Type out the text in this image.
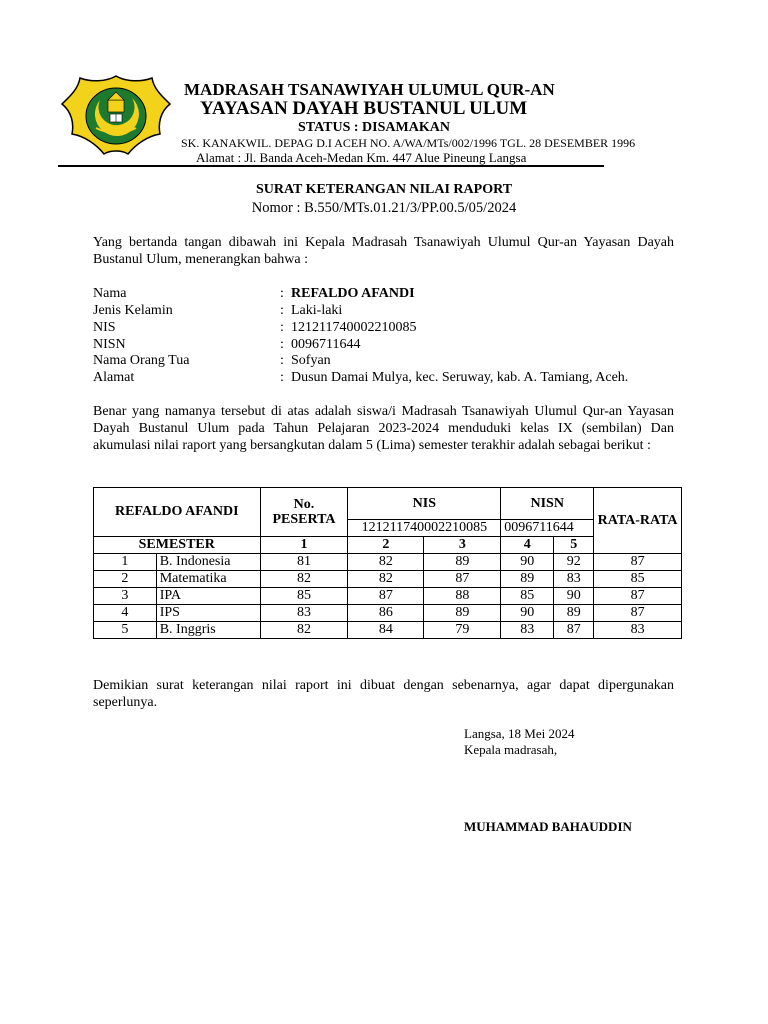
MADRASAH TSANAWIYAH ULUMUL QUR-AN
YAYASAN DAYAH BUSTANUL ULUM
STATUS : DISAMAKAN
SK. KANAKWIL. DEPAG D.I ACEH NO. A/WA/MTs/002/1996 TGL. 28 DESEMBER 1996
Alamat : Jl. Banda Aceh-Medan Km. 447 Alue Pineung Langsa
SURAT KETERANGAN NILAI RAPORT
Nomor : B.550/MTs.01.21/3/PP.00.5/05/2024
Yang bertanda tangan dibawah ini Kepala Madrasah Tsanawiyah Ulumul Qur-an Yayasan Dayah Bustanul Ulum, menerangkan bahwa :
Nama	: REFALDO AFANDI
Jenis Kelamin	: Laki-laki
NIS	: 121211740002210085
NISN	: 0096711644
Nama Orang Tua	: Sofyan
Alamat	: Dusun Damai Mulya, kec. Seruway, kab. A. Tamiang, Aceh.
Benar yang namanya tersebut di atas adalah siswa/i Madrasah Tsanawiyah Ulumul Qur-an Yayasan Dayah Bustanul Ulum pada Tahun Pelajaran 2023-2024 menduduki kelas IX (sembilan) Dan akumulasi nilai raport yang bersangkutan dalam 5 (Lima) semester terakhir adalah sebagai berikut :
REFALDO AFANDI		No. PESERTA	NIS		NISN		RATA-RATA
			121211740002210085		0096711644		
SEMESTER		1	2	3	4	5	
1	B. Indonesia	81	82	89	90	92	87
2	Matematika	82	82	87	89	83	85
3	IPA	85	87	88	85	90	87
4	IPS	83	86	89	90	89	87
5	B. Inggris	82	84	79	83	87	83
Demikian surat keterangan nilai raport ini dibuat dengan sebenarnya, agar dapat dipergunakan seperlunya.
Langsa, 18 Mei 2024
Kepala madrasah,
MUHAMMAD BAHAUDDIN
